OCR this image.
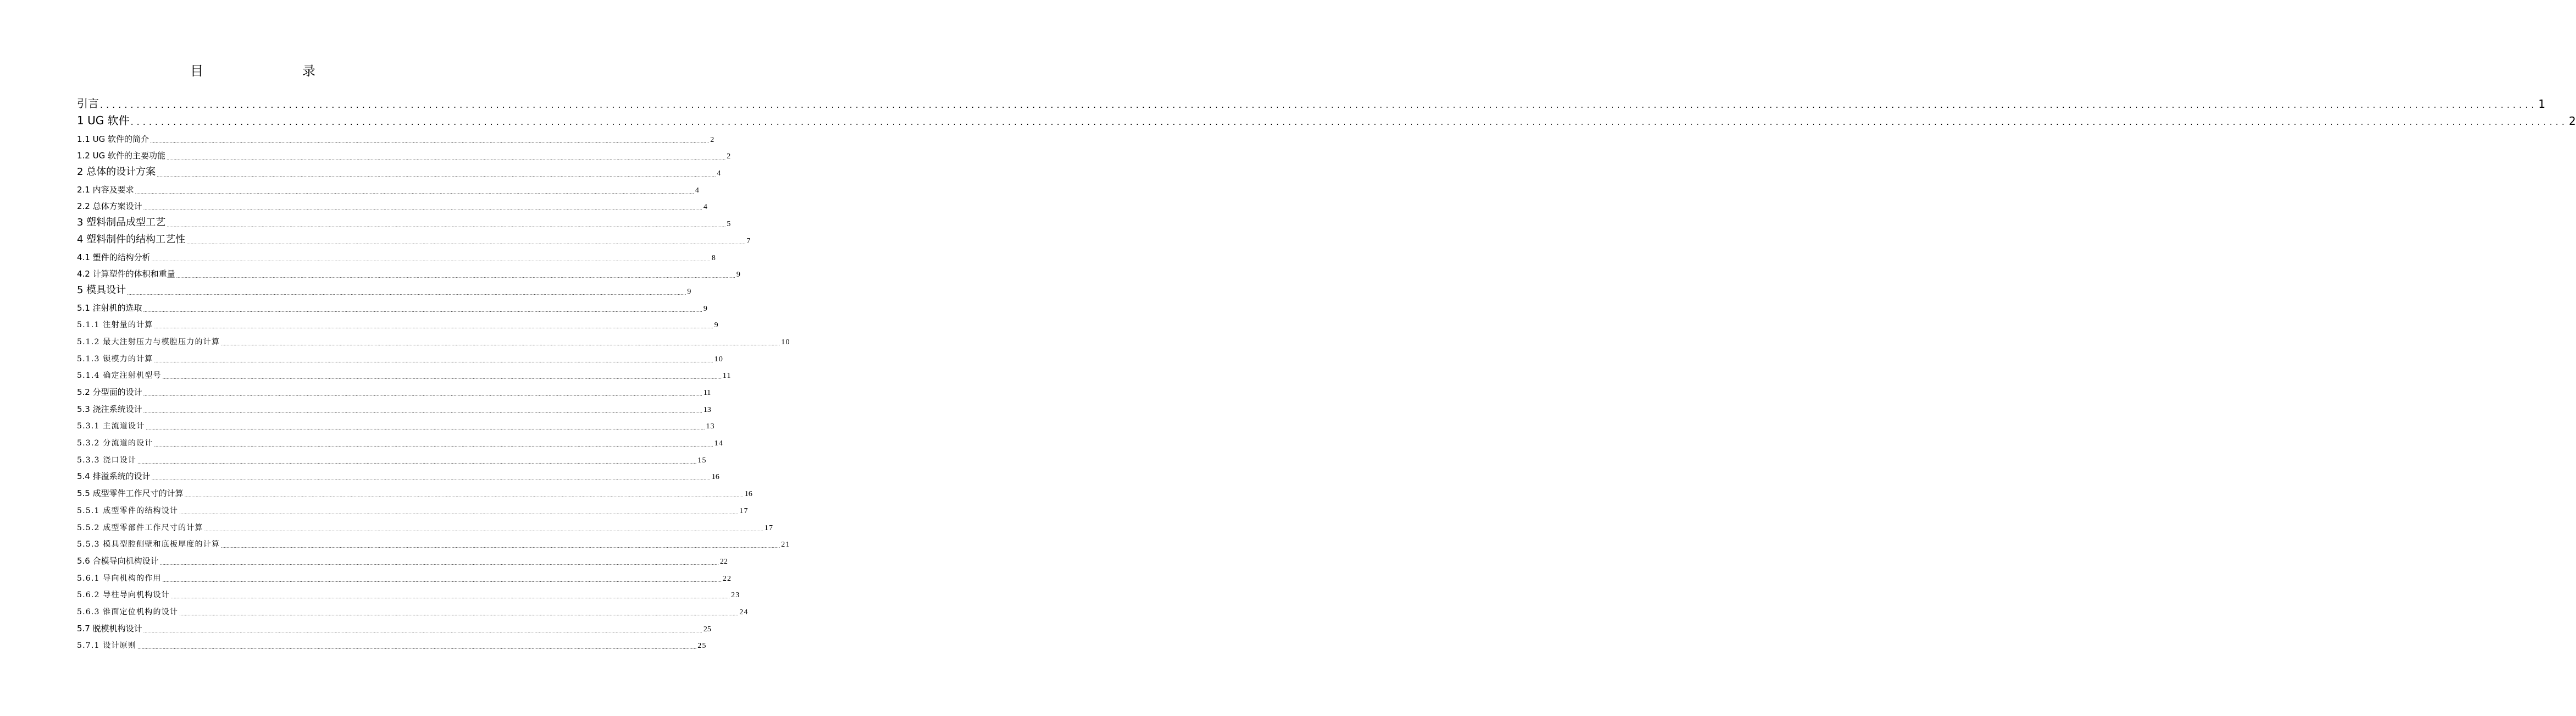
目　　录
引言 ................................................................................................................................................................................................................................................................................................................................................................................................................ 1
1 UG 软件 ................................................................................................................................................................................................................................................................................................................................................................................................................ 2
1.1 UG 软件的简介 ................................................................................................................................................................................................................................................................................................................................................................................................................ 2
1.2 UG 软件的主要功能 ................................................................................................................................................................................................................................................................................................................................................................................................................ 2
2 总体的设计方案 ................................................................................................................................................................................................................................................................................................................................................................................................................ 4
2.1 内容及要求 ................................................................................................................................................................................................................................................................................................................................................................................................................ 4
2.2 总体方案设计 ................................................................................................................................................................................................................................................................................................................................................................................................................ 4
3 塑料制品成型工艺 ................................................................................................................................................................................................................................................................................................................................................................................................................ 5
4 塑料制件的结构工艺性 ................................................................................................................................................................................................................................................................................................................................................................................................................ 7
4.1 塑件的结构分析 ................................................................................................................................................................................................................................................................................................................................................................................................................ 8
4.2 计算塑件的体积和重量 ................................................................................................................................................................................................................................................................................................................................................................................................................ 9
5 模具设计 ................................................................................................................................................................................................................................................................................................................................................................................................................ 9
5.1 注射机的选取 ................................................................................................................................................................................................................................................................................................................................................................................................................ 9
5.1.1 注射量的计算 ................................................................................................................................................................................................................................................................................................................................................................................................................ 9
5.1.2 最大注射压力与模腔压力的计算 ................................................................................................................................................................................................................................................................................................................................................................................................................ 10
5.1.3 锁模力的计算 ................................................................................................................................................................................................................................................................................................................................................................................................................ 10
5.1.4 确定注射机型号 ................................................................................................................................................................................................................................................................................................................................................................................................................ 11
5.2 分型面的设计 ................................................................................................................................................................................................................................................................................................................................................................................................................ 11
5.3 浇注系统设计 ................................................................................................................................................................................................................................................................................................................................................................................................................ 13
5.3.1 主流道设计 ................................................................................................................................................................................................................................................................................................................................................................................................................ 13
5.3.2 分流道的设计 ................................................................................................................................................................................................................................................................................................................................................................................................................ 14
5.3.3 浇口设计 ................................................................................................................................................................................................................................................................................................................................................................................................................ 15
5.4 排溢系统的设计 ................................................................................................................................................................................................................................................................................................................................................................................................................ 16
5.5 成型零件工作尺寸的计算 ................................................................................................................................................................................................................................................................................................................................................................................................................ 16
5.5.1 成型零件的结构设计 ................................................................................................................................................................................................................................................................................................................................................................................................................ 17
5.5.2 成型零部件工作尺寸的计算 ................................................................................................................................................................................................................................................................................................................................................................................................................ 17
5.5.3 模具型腔侧壁和底板厚度的计算 ................................................................................................................................................................................................................................................................................................................................................................................................................ 21
5.6 合模导向机构设计 ................................................................................................................................................................................................................................................................................................................................................................................................................ 22
5.6.1 导向机构的作用 ................................................................................................................................................................................................................................................................................................................................................................................................................ 22
5.6.2 导柱导向机构设计 ................................................................................................................................................................................................................................................................................................................................................................................................................ 23
5.6.3 锥面定位机构的设计 ................................................................................................................................................................................................................................................................................................................................................................................................................ 24
5.7 脱模机构设计 ................................................................................................................................................................................................................................................................................................................................................................................................................ 25
5.7.1 设计原则 ................................................................................................................................................................................................................................................................................................................................................................................................................ 25
